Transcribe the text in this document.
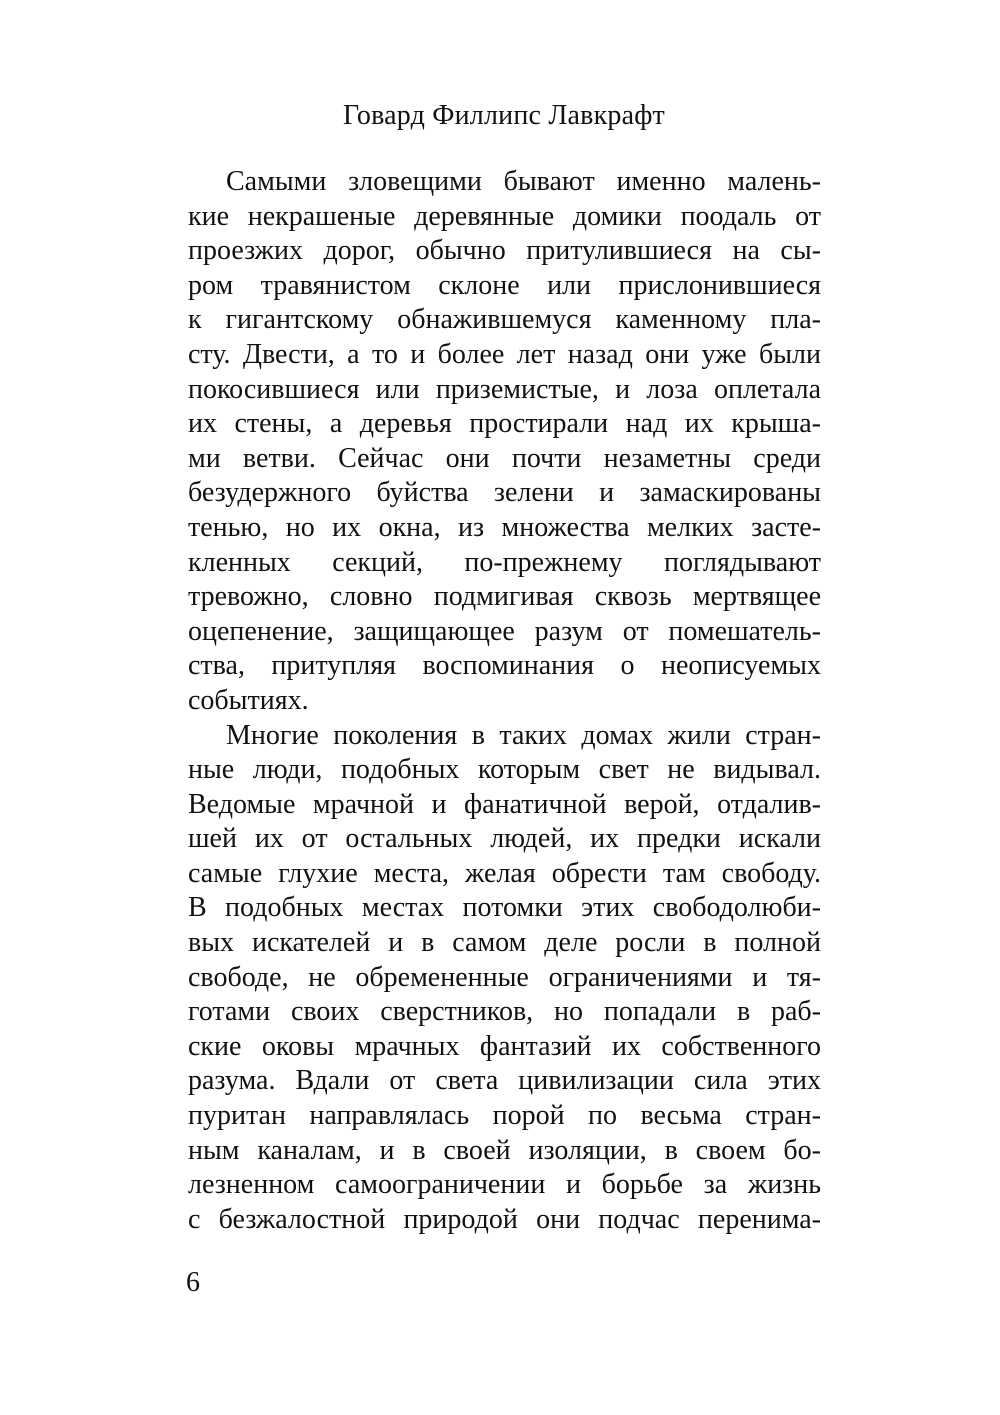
Говард Филлипс Лавкрафт
Самыми зловещими бывают именно малень-
кие некрашеные деревянные домики поодаль от
проезжих дорог, обычно притулившиеся на сы-
ром травянистом склоне или прислонившиеся
к гигантскому обнажившемуся каменному пла-
сту. Двести, а то и более лет назад они уже были
покосившиеся или приземистые, и лоза оплетала
их стены, а деревья простирали над их крыша-
ми ветви. Сейчас они почти незаметны среди
безудержного буйства зелени и замаскированы
тенью, но их окна, из множества мелких засте-
кленных секций, по-прежнему поглядывают
тревожно, словно подмигивая сквозь мертвящее
оцепенение, защищающее разум от помешатель-
ства, притупляя воспоминания о неописуемых
событиях.
Многие поколения в таких домах жили стран-
ные люди, подобных которым свет не видывал.
Ведомые мрачной и фанатичной верой, отдалив-
шей их от остальных людей, их предки искали
самые глухие места, желая обрести там свободу.
В подобных местах потомки этих свободолюби-
вых искателей и в самом деле росли в полной
свободе, не обремененные ограничениями и тя-
готами своих сверстников, но попадали в раб-
ские оковы мрачных фантазий их собственного
разума. Вдали от света цивилизации сила этих
пуритан направлялась порой по весьма стран-
ным каналам, и в своей изоляции, в своем бо-
лезненном самоограничении и борьбе за жизнь
с безжалостной природой они подчас перенима-
6
